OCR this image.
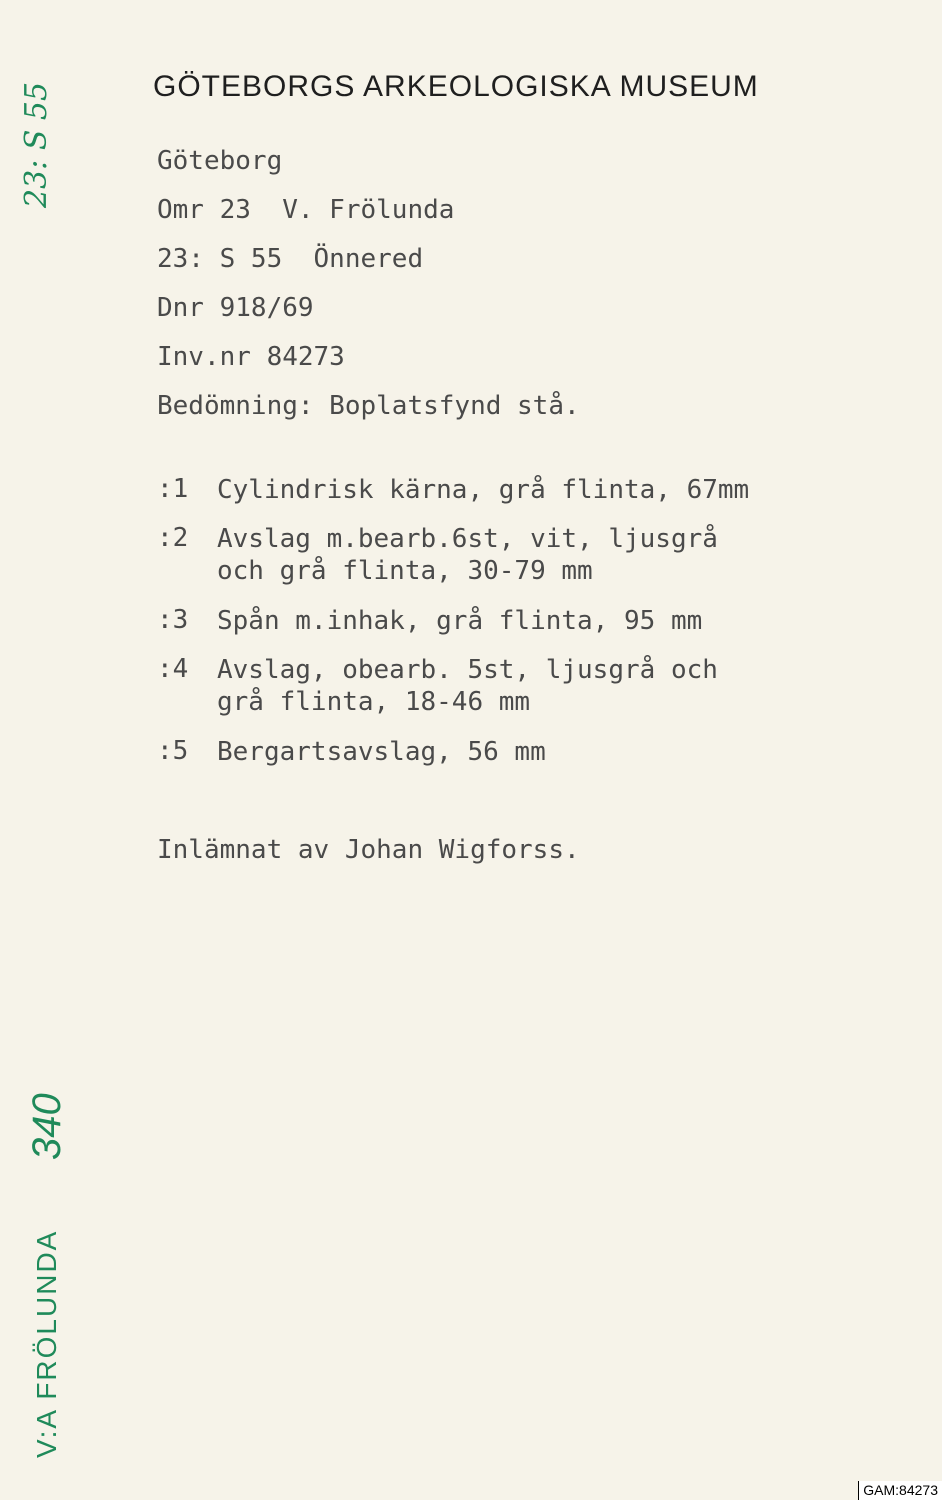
GÖTEBORGS ARKEOLOGISKA MUSEUM
Göteborg
Omr 23  V. Frölunda
23: S 55  Önnered
Dnr 918/69
Inv.nr 84273
Bedömning: Boplatsfynd stå.
:1 Cylindrisk kärna, grå flinta, 67mm
:2 Avslag m.bearb.6st, vit, ljusgrå
och grå flinta, 30-79 mm
:3 Spån m.inhak, grå flinta, 95 mm
:4 Avslag, obearb. 5st, ljusgrå och
grå flinta, 18-46 mm
:5 Bergartsavslag, 56 mm
Inlämnat av Johan Wigforss.
23: S 55
V:A FRÖLUNDA
340
GAM:84273
